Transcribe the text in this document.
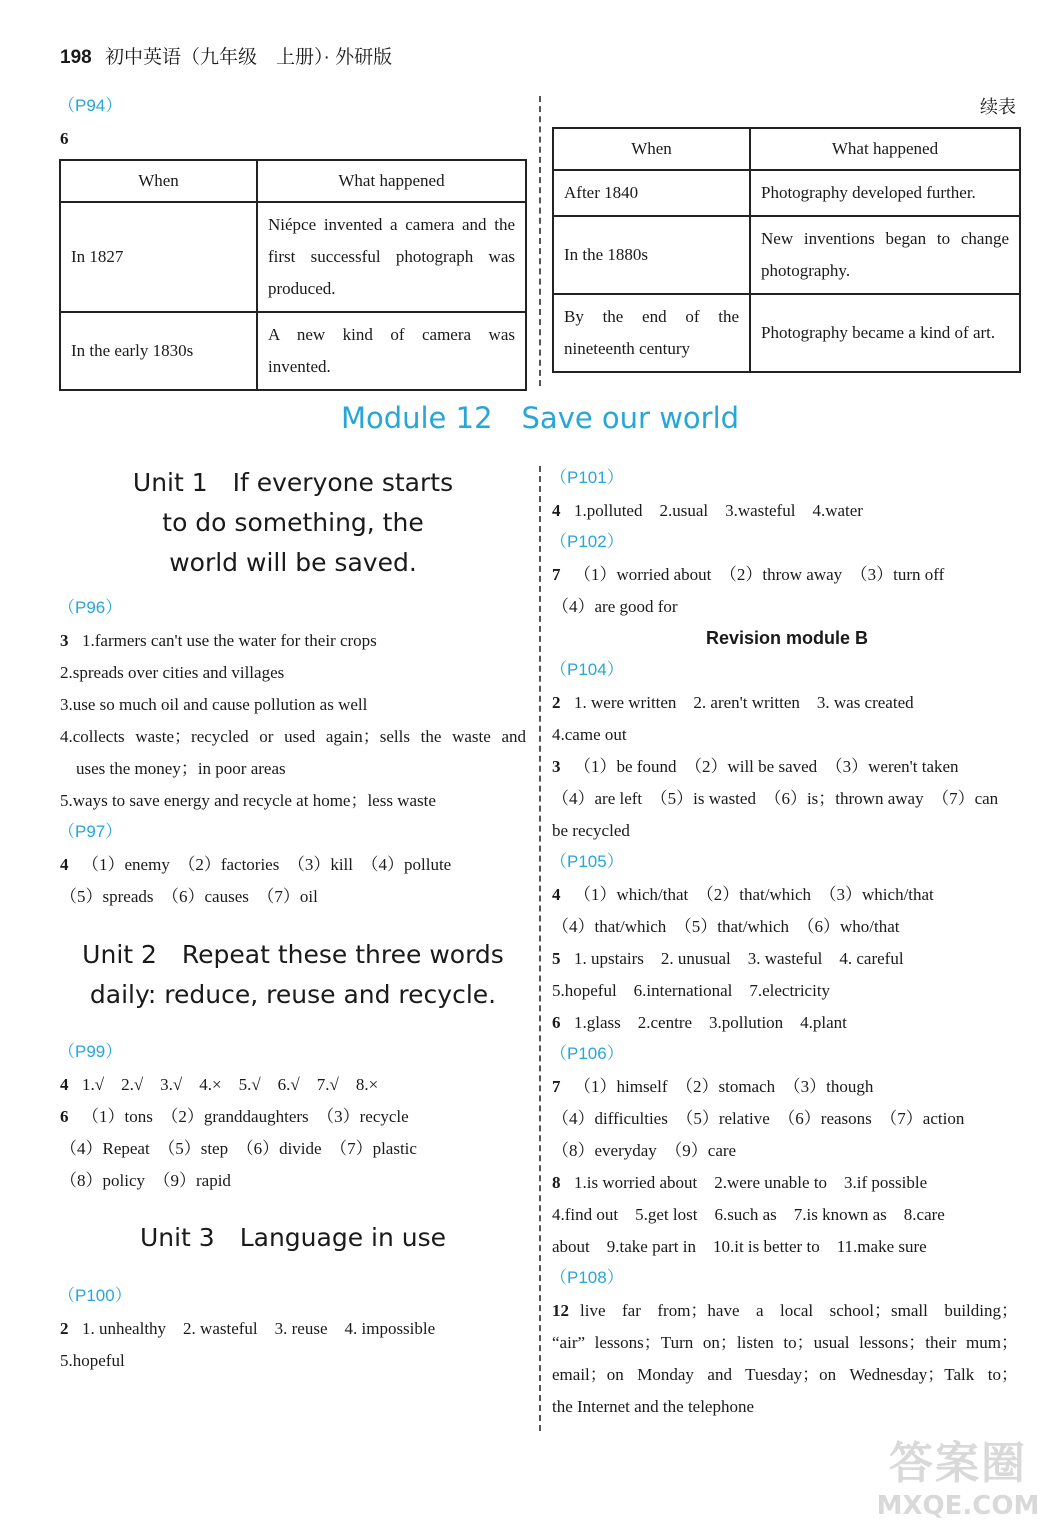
198 初中英语（九年级　上册）· 外研版
（P94）
6
When	What happened
In 1827	Niépce invented a camera and the first successful photograph was produced.
In the early 1830s	A new kind of camera was invented.
续表
When	What happened
After 1840	Photography developed further.
In the 1880s	New inventions began to change photography.
By the end of the nineteenth century	Photography became a kind of art.
Module 12　Save our world
Unit 1　If everyone starts
to do something, the
world will be saved.
（P96）
3 1.farmers can't use the water for their crops
2.spreads over cities and villages
3.use so much oil and cause pollution as well
4.collects waste；recycled or used again；sells the waste and
uses the money；in poor areas
5.ways to save energy and recycle at home；less waste
（P97）
4 （1）enemy　（2）factories　（3）kill　（4）pollute
（5）spreads　（6）causes　（7）oil
Unit 2　Repeat these three words
daily: reduce, reuse and recycle.
（P99）
4 1.√　2.√　3.√　4.×　5.√　6.√　7.√　8.×
6 （1）tons　（2）granddaughters　（3）recycle
（4）Repeat　（5）step　（6）divide　（7）plastic
（8）policy　（9）rapid
Unit 3　Language in use
（P100）
2 1. unhealthy　2. wasteful　3. reuse　4. impossible
5.hopeful
（P101）
4 1.polluted　2.usual　3.wasteful　4.water
（P102）
7 （1）worried about　（2）throw away　（3）turn off
（4）are good for
Revision module B
（P104）
2 1. were written　2. aren't written　3. was created
4.came out
3 （1）be found　（2）will be saved　（3）weren't taken
（4）are left　（5）is wasted　（6）is；thrown away　（7）can
be recycled
（P105）
4 （1）which/that　（2）that/which　（3）which/that
（4）that/which　（5）that/which　（6）who/that
5 1. upstairs　2. unusual　3. wasteful　4. careful
5.hopeful　6.international　7.electricity
6 1.glass　2.centre　3.pollution　4.plant
（P106）
7 （1）himself　（2）stomach　（3）though
（4）difficulties　（5）relative　（6）reasons　（7）action
（8）everyday　（9）care
8 1.is worried about　2.were unable to　3.if possible
4.find out　5.get lost　6.such as　7.is known as　8.care
about　9.take part in　10.it is better to　11.make sure
（P108）
12 live far from；have a local school；small building；
“air” lessons；Turn on；listen to；usual lessons；their mum；
email；on Monday and Tuesday；on Wednesday；Talk to；
the Internet and the telephone
答案圈
MXQE.COM
